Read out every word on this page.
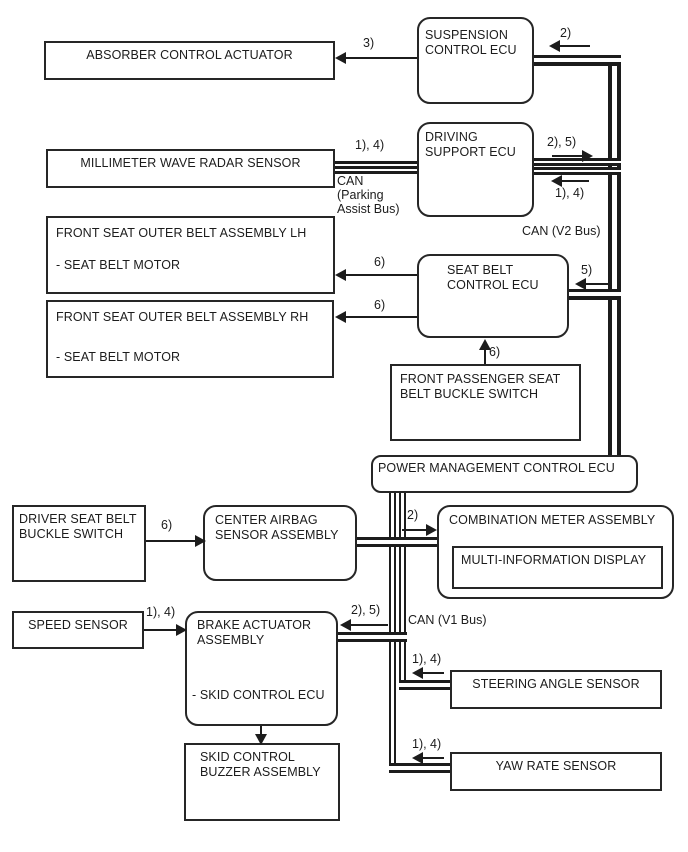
ABSORBER CONTROL ACTUATOR
SUSPENSION
CONTROL ECU
MILLIMETER WAVE RADAR SENSOR
DRIVING
SUPPORT ECU
FRONT SEAT OUTER BELT ASSEMBLY LH
- SEAT BELT MOTOR
FRONT SEAT OUTER BELT ASSEMBLY RH
- SEAT BELT MOTOR
SEAT BELT
CONTROL ECU
FRONT PASSENGER SEAT
BELT BUCKLE SWITCH
POWER MANAGEMENT CONTROL ECU
DRIVER SEAT BELT
BUCKLE SWITCH
CENTER AIRBAG
SENSOR ASSEMBLY
COMBINATION METER ASSEMBLY
MULTI-INFORMATION DISPLAY
SPEED SENSOR	BRAKE ACTUATOR
ASSEMBLY
- SKID CONTROL ECU
SKID CONTROL
BUZZER ASSEMBLY
STEERING ANGLE SENSOR
YAW RATE SENSOR
3)
2)
1), 4)	2), 5)
1), 4)
5)
6)
6)
6)
6)
2)
1), 4)	2), 5)
1), 4)
1), 4)
CAN
(Parking
Assist Bus)
CAN (V2 Bus)
CAN (V1 Bus)
